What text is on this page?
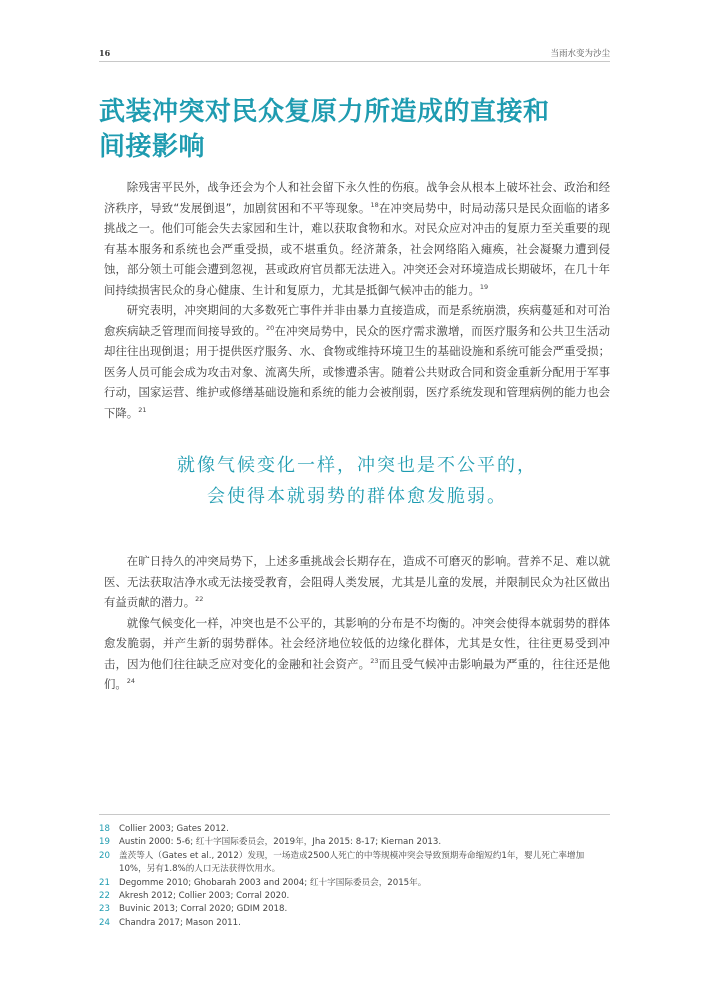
16	当雨水变为沙尘
武装冲突对民众复原力所造成的直接和
间接影响

除残害平民外，战争还会为个人和社会留下永久性的伤痕。战争会从根本上破坏社会、政治和经济秩序，导致“发展倒退”，加剧贫困和不平等现象。$^{18}$在冲突局势中，时局动荡只是民众面临的诸多挑战之一。他们可能会失去家园和生计，难以获取食物和水。对民众应对冲击的复原力至关重要的现有基本服务和系统也会严重受损，或不堪重负。经济萧条，社会网络陷入瘫痪，社会凝聚力遭到侵蚀，部分领土可能会遭到忽视，甚或政府官员都无法进入。冲突还会对环境造成长期破坏，在几十年间持续损害民众的身心健康、生计和复原力，尤其是抵御气候冲击的能力。$^{19}$

研究表明，冲突期间的大多数死亡事件并非由暴力直接造成，而是系统崩溃，疾病蔓延和对可治愈疾病缺乏管理而间接导致的。$^{20}$在冲突局势中，民众的医疗需求激增，而医疗服务和公共卫生活动却往往出现倒退；用于提供医疗服务、水、食物或维持环境卫生的基础设施和系统可能会严重受损；医务人员可能会成为攻击对象、流离失所，或惨遭杀害。随着公共财政合同和资金重新分配用于军事行动，国家运营、维护或修缮基础设施和系统的能力会被削弱，医疗系统发现和管理病例的能力也会下降。$^{21}$

就像气候变化一样，冲突也是不公平的，
会使得本就弱势的群体愈发脆弱。

在旷日持久的冲突局势下，上述多重挑战会长期存在，造成不可磨灭的影响。营养不足、难以就医、无法获取洁净水或无法接受教育，会阻碍人类发展，尤其是儿童的发展，并限制民众为社区做出有益贡献的潜力。$^{22}$

就像气候变化一样，冲突也是不公平的，其影响的分布是不均衡的。冲突会使得本就弱势的群体愈发脆弱，并产生新的弱势群体。社会经济地位较低的边缘化群体，尤其是女性，往往更易受到冲击，因为他们往往缺乏应对变化的金融和社会资产。$^{23}$而且受气候冲击影响最为严重的，往往还是他们。$^{24}$

18	Collier 2003; Gates 2012.
19	Austin 2000: 5-6; 红十字国际委员会，2019年，Jha 2015: 8-17; Kiernan 2013.
20	盖茨等人（Gates et al., 2012）发现，一场造成2500人死亡的中等规模冲突会导致预期寿命缩短约1年，婴儿死亡率增加10%，另有1.8%的人口无法获得饮用水。
21	Degomme 2010; Ghobarah 2003 and 2004; 红十字国际委员会，2015年。
22	Akresh 2012; Collier 2003; Corral 2020.
23	Buvinic 2013; Corral 2020; GDIM 2018.
24	Chandra 2017; Mason 2011.
